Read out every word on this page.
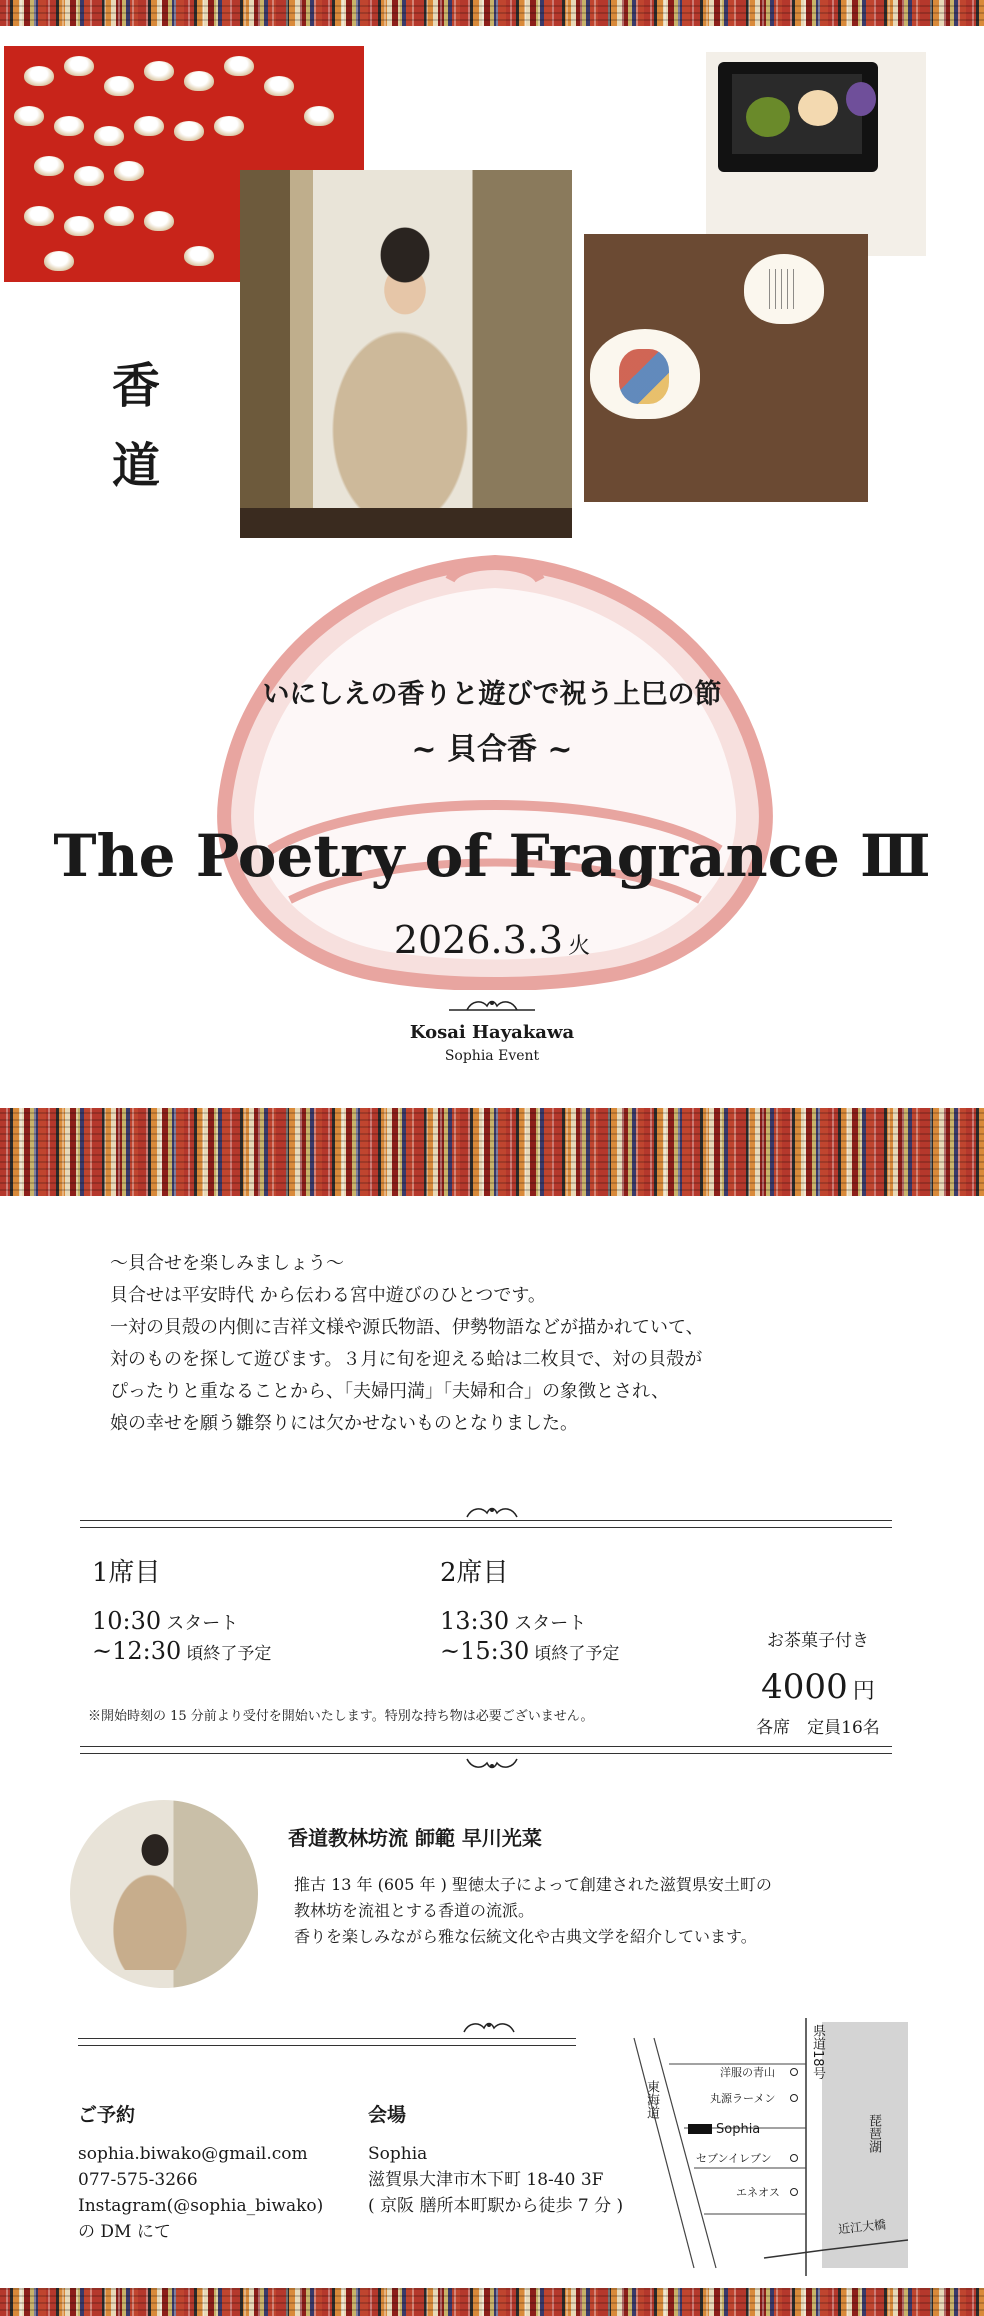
香
道
いにしえの香りと遊びで祝う上巳の節
~ 貝合香 ~
The Poetry of Fragrance Ⅲ
2026.3.3 火
Kosai Hayakawa
Sophia Event
～貝合せを楽しみましょう～
貝合せは平安時代 から伝わる宮中遊びのひとつです。
一対の貝殻の内側に吉祥文様や源氏物語、伊勢物語などが描かれていて、
対のものを探して遊びます。３月に旬を迎える蛤は二枚貝で、対の貝殻が
ぴったりと重なることから、「夫婦円満」「夫婦和合」の象徴とされ、
娘の幸せを願う雛祭りには欠かせないものとなりました。
1席目
10:30 スタート
~12:30 頃終了予定
2席目
13:30 スタート
~15:30 頃終了予定
お茶菓子付き
4000 円
各席　定員16名
※開始時刻の 15 分前より受付を開始いたします。特別な持ち物は必要ございません。
香道教林坊流 師範 早川光菜
推古 13 年 (605 年 ) 聖徳太子によって創建された滋賀県安土町の
教林坊を流祖とする香道の流派。
香りを楽しみながら雅な伝統文化や古典文学を紹介しています。
ご予約
sophia.biwako@gmail.com
077-575-3266
Instagram(@sophia_biwako)
の DM にて
会場
Sophia
滋賀県大津市木下町 18-40 3F
( 京阪 膳所本町駅から徒歩 7 分 )
東海道
県道18号
琵琶湖
近江大橋
洋服の青山
丸源ラーメン
Sophia
セブンイレブン
エネオス
